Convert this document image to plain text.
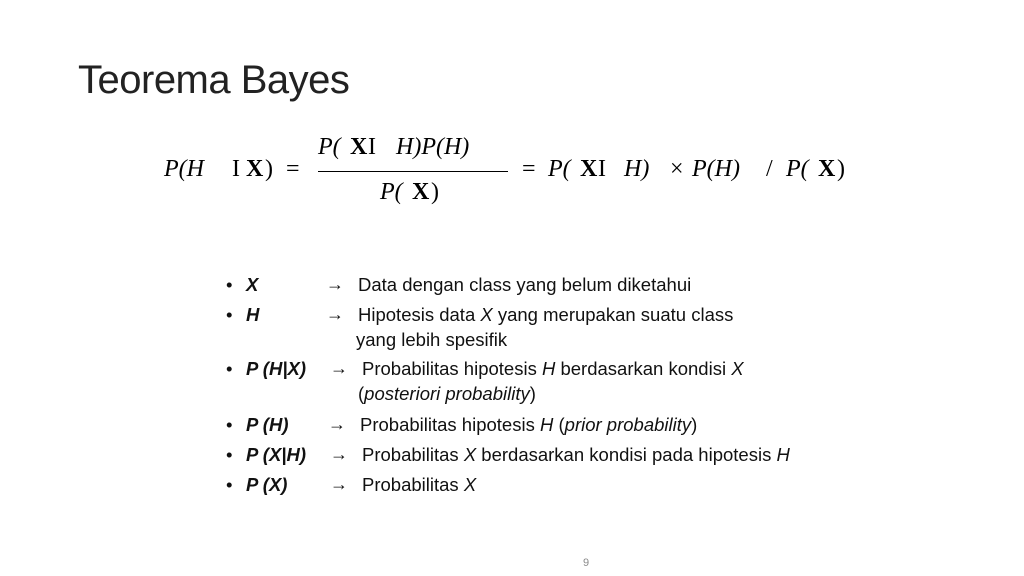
Teorema Bayes
P(H I X ) =
P( X I H)P(H)
P( X )
= P( X I H) × P(H) / P( X )
• X	→ Data dengan class yang belum diketahui
• H	→ Hipotesis data X yang merupakan suatu class
yang lebih spesifik
• P (H|X) → Probabilitas hipotesis H berdasarkan kondisi X
(posteriori probability)
• P (H) → Probabilitas hipotesis H (prior probability)
• P (X|H) → Probabilitas X berdasarkan kondisi pada hipotesis H
• P (X) → Probabilitas X
9
